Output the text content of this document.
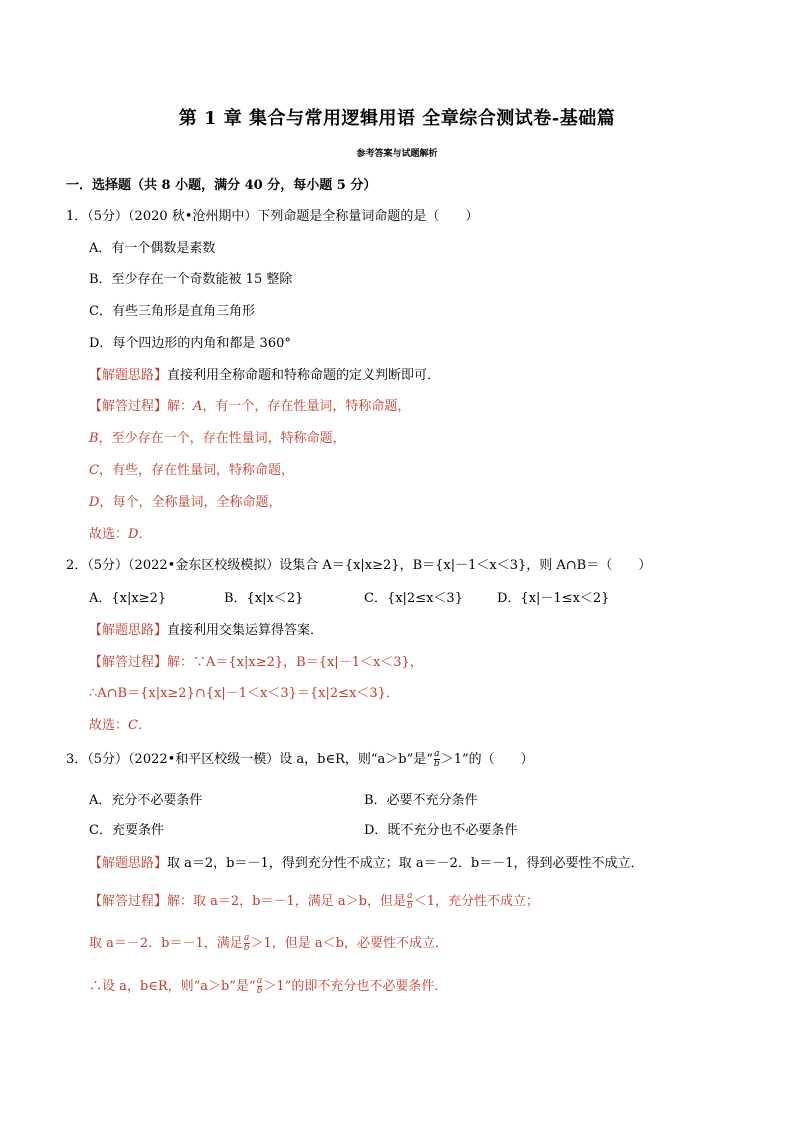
第 1 章 集合与常用逻辑用语 全章综合测试卷-基础篇
参考答案与试题解析
一．选择题（共 8 小题，满分 40 分，每小题 5 分）
1．（5分）（2020 秋•沧州期中）下列命题是全称量词命题的是（　　）
A．有一个偶数是素数
B．至少存在一个奇数能被 15 整除
C．有些三角形是直角三角形
D．每个四边形的内角和都是 360°
【解题思路】直接利用全称命题和特称命题的定义判断即可．
【解答过程】解：A，有一个，存在性量词，特称命题，
B，至少存在一个，存在性量词，特称命题，
C，有些，存在性量词，特称命题，
D，每个，全称量词，全称命题，
故选：D．
2．（5分）（2022•金东区校级模拟）设集合 A＝{x|x≥2}，B＝{x|－1＜x＜3}，则 A∩B＝（　　）
A．{x|x≥2}	B．{x|x＜2}	C．{x|2≤x＜3}	D．{x|－1≤x＜2}
【解题思路】直接利用交集运算得答案．
【解答过程】解：∵A＝{x|x≥2}，B＝{x|－1＜x＜3}，
∴A∩B＝{x|x≥2}∩{x|－1＜x＜3}＝{x|2≤x＜3}．
故选：C．
3．（5分）（2022•和平区校级一模）设 a，b∈R，则“a＞b”是“ $\frac{a}{b} >1$”的（　　）
A．充分不必要条件	B．必要不充分条件
C．充要条件	D．既不充分也不必要条件
【解题思路】取 a＝2，b＝－1，得到充分性不成立；取 a＝－2．b＝－1，得到必要性不成立．
【解答过程】解：取 a＝2，b＝－1，满足 a＞b，但是 $\frac{a}{b} <1$，充分性不成立；
取 a＝－2．b＝－1，满足 $\frac{a}{b} >1$，但是 a＜b，必要性不成立．
∴设 a，b∈R，则“a＞b”是“ $\frac{a}{b} >1$”的即不充分也不必要条件．
